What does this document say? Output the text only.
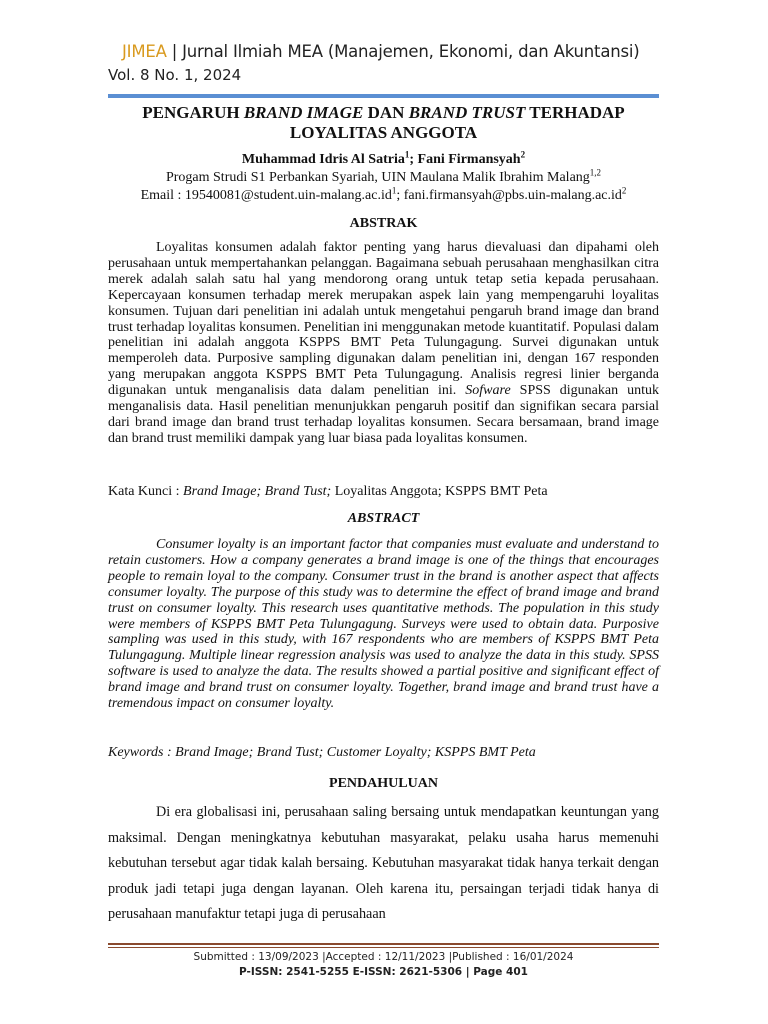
JIMEA | Jurnal Ilmiah MEA (Manajemen, Ekonomi, dan Akuntansi)
Vol. 8 No. 1, 2024
PENGARUH BRAND IMAGE DAN BRAND TRUST TERHADAP
LOYALITAS ANGGOTA
Muhammad Idris Al Satria$^1$; Fani Firmansyah$^2$
Progam Strudi S1 Perbankan Syariah, UIN Maulana Malik Ibrahim Malang$^{1,2}$
Email : $19540081@student.uin-malang.ac.id^1$; $fani.firmansyah@pbs.uin-malang.ac.id^2$
ABSTRAK

Loyalitas konsumen adalah faktor penting yang harus dievaluasi dan dipahami oleh perusahaan untuk mempertahankan pelanggan. Bagaimana sebuah perusahaan menghasilkan citra merek adalah salah satu hal yang mendorong orang untuk tetap setia kepada perusahaan. Kepercayaan konsumen terhadap merek merupakan aspek lain yang mempengaruhi loyalitas konsumen. Tujuan dari penelitian ini adalah untuk mengetahui pengaruh brand image dan brand trust terhadap loyalitas konsumen. Penelitian ini menggunakan metode kuantitatif. Populasi dalam penelitian ini adalah anggota KSPPS BMT Peta Tulungagung. Survei digunakan untuk memperoleh data. Purposive sampling digunakan dalam penelitian ini, dengan 167 responden yang merupakan anggota KSPPS BMT Peta Tulungagung. Analisis regresi linier berganda digunakan untuk menganalisis data dalam penelitian ini. Sofware SPSS digunakan untuk menganalisis data. Hasil penelitian menunjukkan pengaruh positif dan signifikan secara parsial dari brand image dan brand trust terhadap loyalitas konsumen. Secara bersamaan, brand image dan brand trust memiliki dampak yang luar biasa pada loyalitas konsumen.

Kata Kunci : Brand Image; Brand Tust; Loyalitas Anggota; KSPPS BMT Peta
ABSTRACT

Consumer loyalty is an important factor that companies must evaluate and understand to retain customers. How a company generates a brand image is one of the things that encourages people to remain loyal to the company. Consumer trust in the brand is another aspect that affects consumer loyalty. The purpose of this study was to determine the effect of brand image and brand trust on consumer loyalty. This research uses quantitative methods. The population in this study were members of KSPPS BMT Peta Tulungagung. Surveys were used to obtain data. Purposive sampling was used in this study, with 167 respondents who are members of KSPPS BMT Peta Tulungagung. Multiple linear regression analysis was used to analyze the data in this study. SPSS software is used to analyze the data. The results showed a partial positive and significant effect of brand image and brand trust on consumer loyalty. Together, brand image and brand trust have a tremendous impact on consumer loyalty.

Keywords : Brand Image; Brand Tust; Customer Loyalty; KSPPS BMT Peta
PENDAHULUAN

Di era globalisasi ini, perusahaan saling bersaing untuk mendapatkan keuntungan yang maksimal. Dengan meningkatnya kebutuhan masyarakat, pelaku usaha harus memenuhi kebutuhan tersebut agar tidak kalah bersaing. Kebutuhan masyarakat tidak hanya terkait dengan produk jadi tetapi juga dengan layanan. Oleh karena itu, persaingan terjadi tidak hanya di perusahaan manufaktur tetapi juga di perusahaan

Submitted : 13/09/2023 |Accepted : 12/11/2023 |Published : 16/01/2024
P-ISSN: 2541-5255 E-ISSN: 2621-5306 | Page 401
